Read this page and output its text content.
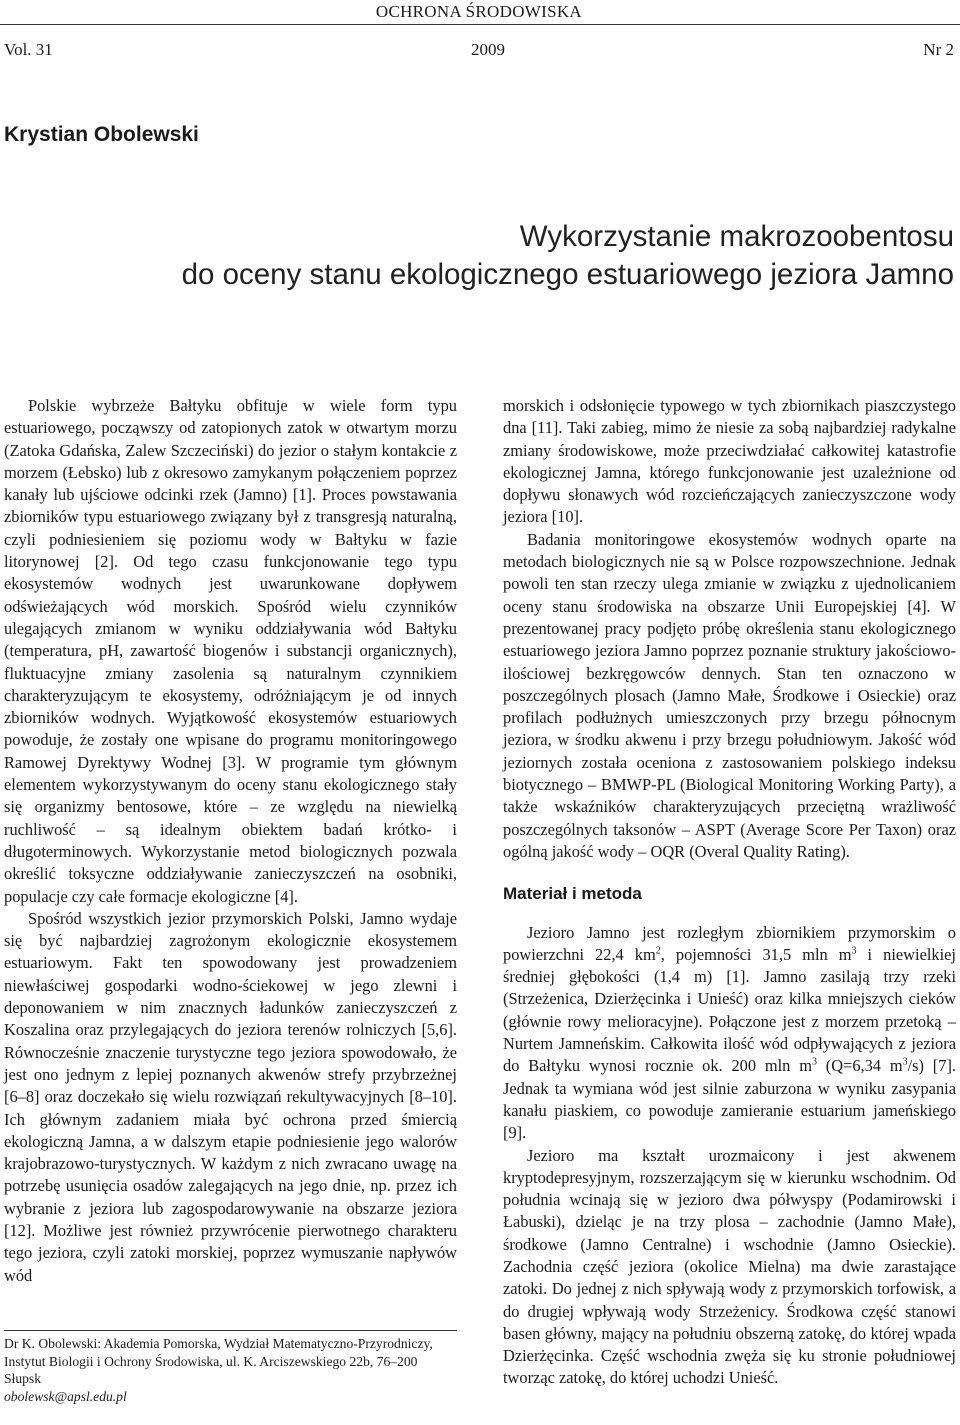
OCHRONA ŚRODOWISKA
Vol. 31	2009	Nr 2
Krystian Obolewski
Wykorzystanie makrozoobentosu
do oceny stanu ekologicznego estuariowego jeziora Jamno

Polskie wybrzeże Bałtyku obfituje w wiele form typu estuariowego, począwszy od zatopionych zatok w otwartym morzu (Zatoka Gdańska, Zalew Szczeciński) do jezior o stałym kontakcie z morzem (Łebsko) lub z okresowo zamykanym połączeniem poprzez kanały lub ujściowe odcinki rzek (Jamno) [1]. Proces powstawania zbiorników typu estuariowego związany był z transgresją naturalną, czyli podniesieniem się poziomu wody w Bałtyku w fazie litorynowej [2]. Od tego czasu funkcjonowanie tego typu ekosystemów wodnych jest uwarunkowane dopływem odświeżających wód morskich. Spośród wielu czynników ulegających zmianom w wyniku oddziaływania wód Bałtyku (temperatura, pH, zawartość biogenów i substancji organicznych), fluktuacyjne zmiany zasolenia są naturalnym czynnikiem charakteryzującym te ekosystemy, odróżniającym je od innych zbiorników wodnych. Wyjątkowość ekosystemów estuariowych powoduje, że zostały one wpisane do programu monitoringowego Ramowej Dyrektywy Wodnej [3]. W programie tym głównym elementem wykorzystywanym do oceny stanu ekologicznego stały się organizmy bentosowe, które – ze względu na niewielką ruchliwość – są idealnym obiektem badań krótko- i długoterminowych. Wykorzystanie metod biologicznych pozwala określić toksyczne oddziaływanie zanieczyszczeń na osobniki, populacje czy całe formacje ekologiczne [4].

Spośród wszystkich jezior przymorskich Polski, Jamno wydaje się być najbardziej zagrożonym ekologicznie ekosystemem estuariowym. Fakt ten spowodowany jest prowadzeniem niewłaściwej gospodarki wodno-ściekowej w jego zlewni i deponowaniem w nim znacznych ładunków zanieczyszczeń z Koszalina oraz przylegających do jeziora terenów rolniczych [5,6]. Równocześnie znaczenie turystyczne tego jeziora spowodowało, że jest ono jednym z lepiej poznanych akwenów strefy przybrzeżnej [6–8] oraz doczekało się wielu rozwiązań rekultywacyjnych [8–10]. Ich głównym zadaniem miała być ochrona przed śmiercią ekologiczną Jamna, a w dalszym etapie podniesienie jego walorów krajobrazowo-turystycznych. W każdym z nich zwracano uwagę na potrzebę usunięcia osadów zalegających na jego dnie, np. przez ich wybranie z jeziora lub zagospodarowywanie na obszarze jeziora [12]. Możliwe jest również przywrócenie pierwotnego charakteru tego jeziora, czyli zatoki morskiej, poprzez wymuszanie napływów wód

morskich i odsłonięcie typowego w tych zbiornikach piaszczystego dna [11]. Taki zabieg, mimo że niesie za sobą najbardziej radykalne zmiany środowiskowe, może przeciwdziałać całkowitej katastrofie ekologicznej Jamna, którego funkcjonowanie jest uzależnione od dopływu słonawych wód rozcieńczających zanieczyszczone wody jeziora [10].

Badania monitoringowe ekosystemów wodnych oparte na metodach biologicznych nie są w Polsce rozpowszechnione. Jednak powoli ten stan rzeczy ulega zmianie w związku z ujednolicaniem oceny stanu środowiska na obszarze Unii Europejskiej [4]. W prezentowanej pracy podjęto próbę określenia stanu ekologicznego estuariowego jeziora Jamno poprzez poznanie struktury jakościowo-ilościowej bezkręgowców dennych. Stan ten oznaczono w poszczególnych plosach (Jamno Małe, Środkowe i Osieckie) oraz profilach podłużnych umieszczonych przy brzegu północnym jeziora, w środku akwenu i przy brzegu południowym. Jakość wód jeziornych została oceniona z zastosowaniem polskiego indeksu biotycznego – BMWP-PL (Biological Monitoring Working Party), a także wskaźników charakteryzujących przeciętną wrażliwość poszczególnych taksonów – ASPT (Average Score Per Taxon) oraz ogólną jakość wody – OQR (Overal Quality Rating).

Materiał i metoda

Jezioro Jamno jest rozległym zbiornikiem przymorskim o powierzchni 22,4 $km^2$, pojemności 31,5 mln $m^3$ i niewielkiej średniej głębokości (1,4 m) [1]. Jamno zasilają trzy rzeki (Strzeżenica, Dzierżęcinka i Unieść) oraz kilka mniejszych cieków (głównie rowy melioracyjne). Połączone jest z morzem przetoką – Nurtem Jamneńskim. Całkowita ilość wód odpływających z jeziora do Bałtyku wynosi rocznie ok. 200 mln $m^3$ (Q=6,34 $m^3/s$) [7]. Jednak ta wymiana wód jest silnie zaburzona w wyniku zasypania kanału piaskiem, co powoduje zamieranie estuarium jameńskiego [9].

Jezioro ma kształt urozmaicony i jest akwenem kryptodepresyjnym, rozszerzającym się w kierunku wschodnim. Od południa wcinają się w jezioro dwa półwyspy (Podamirowski i Łabuski), dzieląc je na trzy plosa – zachodnie (Jamno Małe), środkowe (Jamno Centralne) i wschodnie (Jamno Osieckie). Zachodnia część jeziora (okolice Mielna) ma dwie zarastające zatoki. Do jednej z nich spływają wody z przymorskich torfowisk, a do drugiej wpływają wody Strzeżenicy. Środkowa część stanowi basen główny, mający na południu obszerną zatokę, do której wpada Dzierżęcinka. Część wschodnia zwęża się ku stronie południowej tworząc zatokę, do której uchodzi Unieść.

Dr K. Obolewski: Akademia Pomorska, Wydział Matematyczno-Przyrodniczy, Instytut Biologii i Ochrony Środowiska, ul. K. Arciszewskiego 22b, 76–200 Słupsk
obolewsk@apsl.edu.pl
